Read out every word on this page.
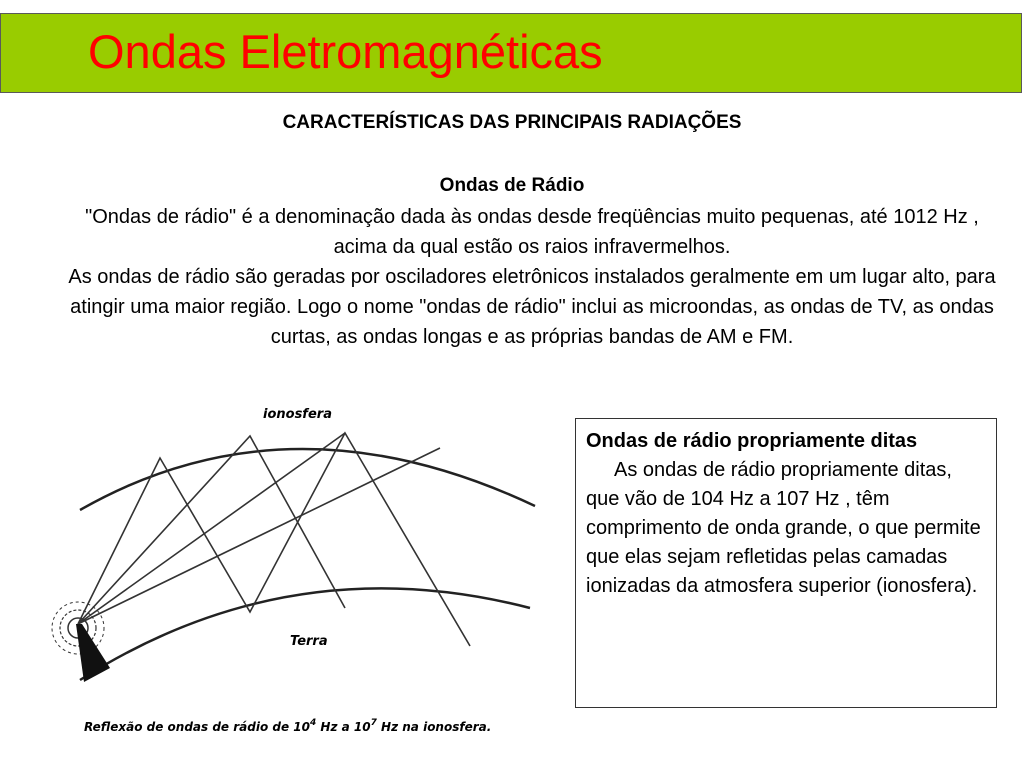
Ondas Eletromagnéticas
CARACTERÍSTICAS DAS PRINCIPAIS RADIAÇÕES
Ondas de Rádio
"Ondas de rádio" é a denominação dada às ondas desde freqüências muito pequenas, até 1012 Hz , acima da qual estão os raios infravermelhos.
As ondas de rádio são geradas por osciladores eletrônicos instalados geralmente em um lugar alto, para atingir uma maior região. Logo o nome "ondas de rádio" inclui as microondas, as ondas de TV, as ondas curtas, as ondas longas e as próprias bandas de AM e FM.
ionosfera
Terra
Reflexão de ondas de rádio de $10^4$ Hz a $10^7$ Hz na ionosfera.
Ondas de rádio propriamente ditas
As ondas de rádio propriamente ditas, que vão de 104 Hz a 107 Hz , têm comprimento de onda grande, o que permite que elas sejam refletidas pelas camadas ionizadas da atmosfera superior (ionosfera).
